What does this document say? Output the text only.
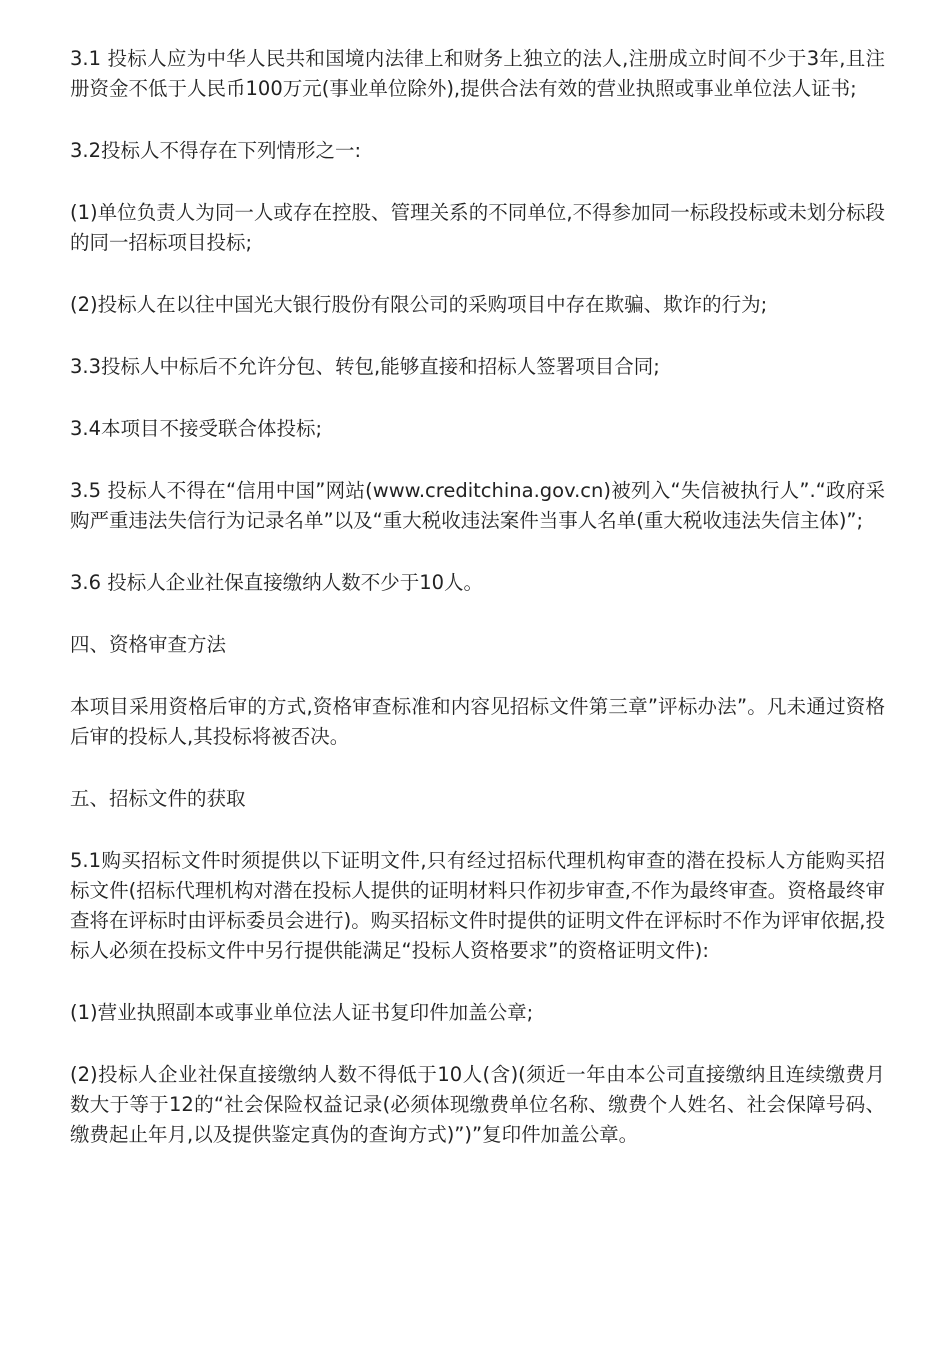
3.1 投标人应为中华人民共和国境内法律上和财务上独立的法人,注册成立时间不少于3年,且注册资金不低于人民币100万元(事业单位除外),提供合法有效的营业执照或事业单位法人证书;

3.2投标人不得存在下列情形之一:

(1)单位负责人为同一人或存在控股、管理关系的不同单位,不得参加同一标段投标或未划分标段的同一招标项目投标;

(2)投标人在以往中国光大银行股份有限公司的采购项目中存在欺骗、欺诈的行为;

3.3投标人中标后不允许分包、转包,能够直接和招标人签署项目合同;

3.4本项目不接受联合体投标;

3.5 投标人不得在“信用中国”网站(www.creditchina.gov.cn)被列入“失信被执行人”.“政府采购严重违法失信行为记录名单”以及“重大税收违法案件当事人名单(重大税收违法失信主体)”;

3.6 投标人企业社保直接缴纳人数不少于10人。

四、资格审查方法

本项目采用资格后审的方式,资格审查标准和内容见招标文件第三章”评标办法”。凡未通过资格后审的投标人,其投标将被否决。

五、招标文件的获取

5.1购买招标文件时须提供以下证明文件,只有经过招标代理机构审查的潜在投标人方能购买招标文件(招标代理机构对潜在投标人提供的证明材料只作初步审查,不作为最终审查。资格最终审查将在评标时由评标委员会进行)。购买招标文件时提供的证明文件在评标时不作为评审依据,投标人必须在投标文件中另行提供能满足“投标人资格要求”的资格证明文件):

(1)营业执照副本或事业单位法人证书复印件加盖公章;

(2)投标人企业社保直接缴纳人数不得低于10人(含)(须近一年由本公司直接缴纳且连续缴费月数大于等于12的“社会保险权益记录(必须体现缴费单位名称、缴费个人姓名、社会保障号码、缴费起止年月,以及提供鉴定真伪的查询方式)”)”复印件加盖公章。
